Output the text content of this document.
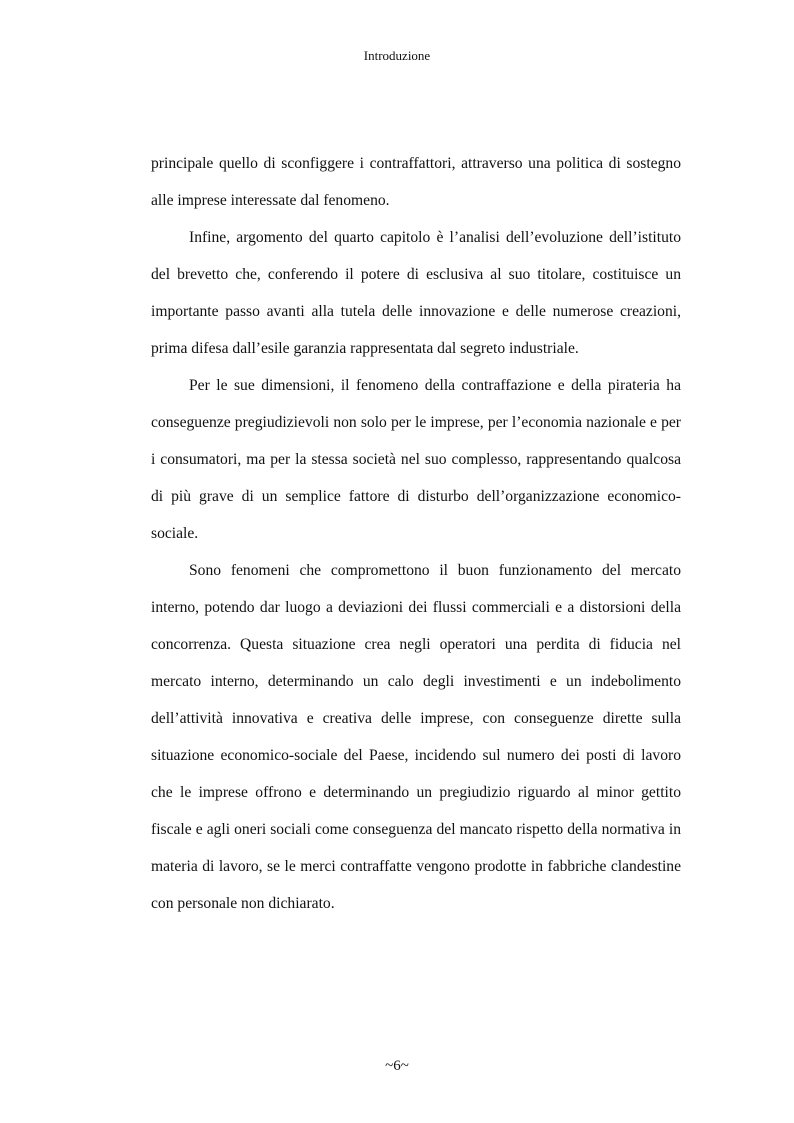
Introduzione

principale quello di sconfiggere i contraffattori, attraverso una politica di sostegno alle imprese interessate dal fenomeno.

Infine, argomento del quarto capitolo è l’analisi dell’evoluzione dell’istituto del brevetto che, conferendo il potere di esclusiva al suo titolare, costituisce un importante passo avanti alla tutela delle innovazione e delle numerose creazioni, prima difesa dall’esile garanzia rappresentata dal segreto industriale.

Per le sue dimensioni, il fenomeno della contraffazione e della pirateria ha conseguenze pregiudizievoli non solo per le imprese, per l’economia nazionale e per i consumatori, ma per la stessa società nel suo complesso, rappresentando qualcosa di più grave di un semplice fattore di disturbo dell’organizzazione economico-sociale.

Sono fenomeni che compromettono il buon funzionamento del mercato interno, potendo dar luogo a deviazioni dei flussi commerciali e a distorsioni della concorrenza. Questa situazione crea negli operatori una perdita di fiducia nel mercato interno, determinando un calo degli investimenti e un indebolimento dell’attività innovativa e creativa delle imprese, con conseguenze dirette sulla situazione economico-sociale del Paese, incidendo sul numero dei posti di lavoro che le imprese offrono e determinando un pregiudizio riguardo al minor gettito fiscale e agli oneri sociali come conseguenza del mancato rispetto della normativa in materia di lavoro, se le merci contraffatte vengono prodotte in fabbriche clandestine con personale non dichiarato.

~6~
